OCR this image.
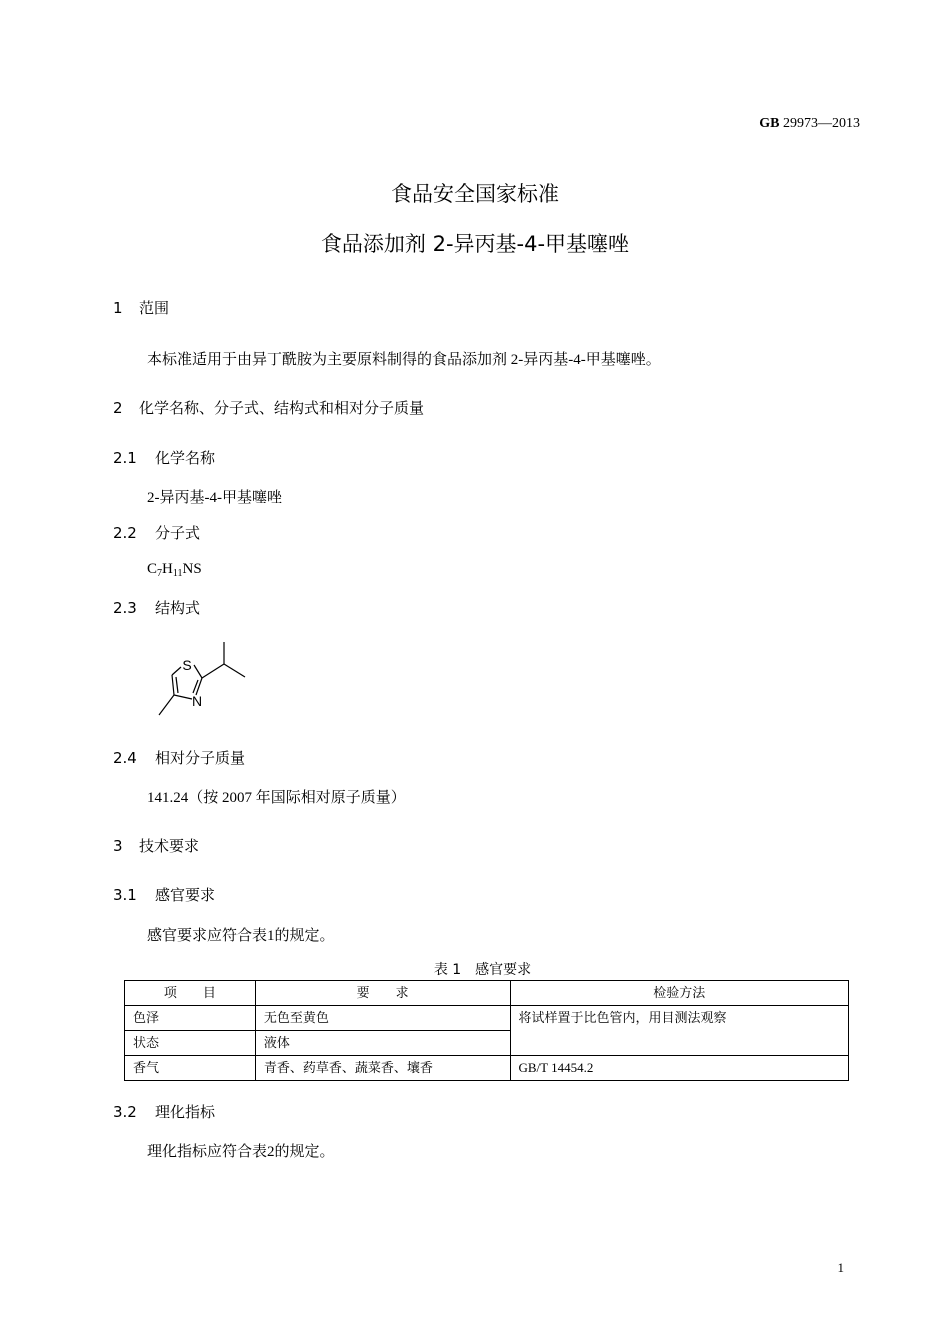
GB 29973—2013
食品安全国家标准
食品添加剂 2-异丙基-4-甲基噻唑
1 范围
本标准适用于由异丁酰胺为主要原料制得的食品添加剂 2-异丙基-4-甲基噻唑。
2 化学名称、分子式、结构式和相对分子质量
2.1 化学名称
2-异丙基-4-甲基噻唑
2.2 分子式
$C_7H_{11}NS$
2.3 结构式
S
N
2.4 相对分子质量
141.24（按 2007 年国际相对原子质量）
3 技术要求
3.1 感官要求
感官要求应符合表1的规定。
表 1　感官要求
项　　目	要　　求	检验方法
色泽	无色至黄色	将试样置于比色管内，用目测法观察
状态	液体	
香气	青香、药草香、蔬菜香、壤香	GB/T 14454.2
3.2 理化指标
理化指标应符合表2的规定。
1
